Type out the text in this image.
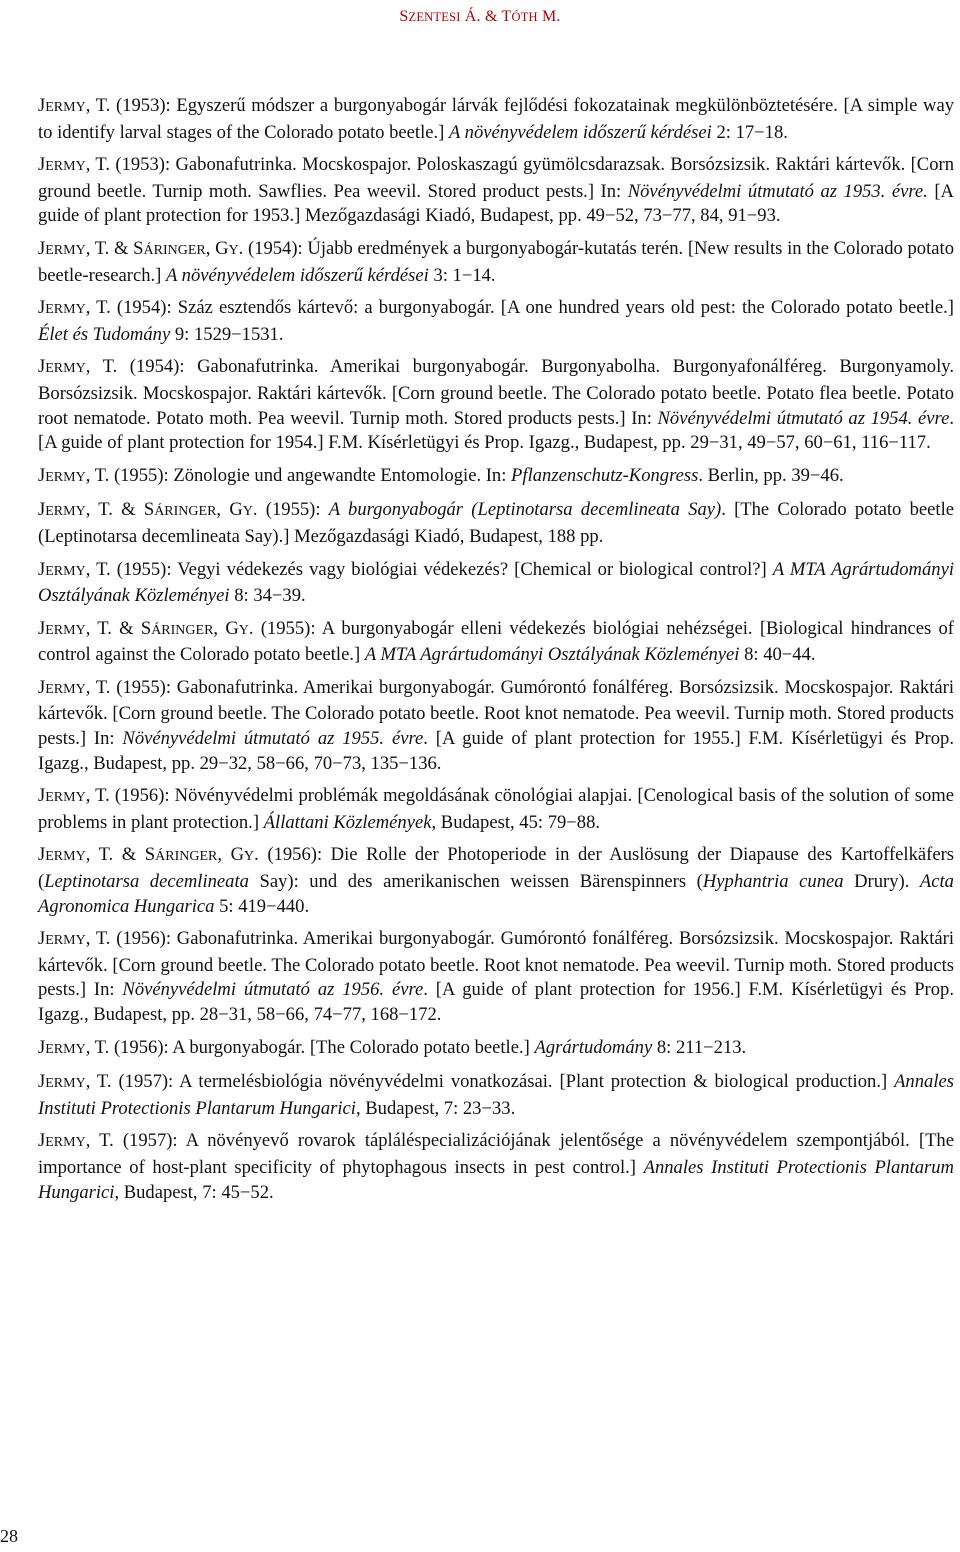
SZENTESI Á. & TÓTH M.

JERMY, T. (1953): Egyszerű módszer a burgonyabogár lárvák fejlődési fokozatainak megkülönböztetésére. [A simple way to identify larval stages of the Colorado potato beetle.] A növényvédelem időszerű kérdései 2: 17−18.

JERMY, T. (1953): Gabonafutrinka. Mocskospajor. Poloskaszagú gyümölcsdarazsak. Borsózsizsik. Raktári kártevők. [Corn ground beetle. Turnip moth. Sawflies. Pea weevil. Stored product pests.] In: Növényvédelmi útmutató az 1953. évre. [A guide of plant protection for 1953.] Mezőgazdasági Kiadó, Budapest, pp. 49−52, 73−77, 84, 91−93.

JERMY, T. & SÁRINGER, GY. (1954): Újabb eredmények a burgonyabogár-kutatás terén. [New results in the Colorado potato beetle-research.] A növényvédelem időszerű kérdései 3: 1−14.

JERMY, T. (1954): Száz esztendős kártevő: a burgonyabogár. [A one hundred years old pest: the Colorado potato beetle.] Élet és Tudomány 9: 1529−1531.

JERMY, T. (1954): Gabonafutrinka. Amerikai burgonyabogár. Burgonyabolha. Burgonyafonálféreg. Burgonyamoly. Borsózsizsik. Mocskospajor. Raktári kártevők. [Corn ground beetle. The Colorado potato beetle. Potato flea beetle. Potato root nematode. Potato moth. Pea weevil. Turnip moth. Stored products pests.] In: Növényvédelmi útmutató az 1954. évre. [A guide of plant protection for 1954.] F.M. Kísérletügyi és Prop. Igazg., Budapest, pp. 29−31, 49−57, 60−61, 116−117.

JERMY, T. (1955): Zönologie und angewandte Entomologie. In: Pflanzenschutz-Kongress. Berlin, pp. 39−46.

JERMY, T. & SÁRINGER, GY. (1955): A burgonyabogár (Leptinotarsa decemlineata Say). [The Colorado potato beetle (Leptinotarsa decemlineata Say).] Mezőgazdasági Kiadó, Budapest, 188 pp.

JERMY, T. (1955): Vegyi védekezés vagy biológiai védekezés? [Chemical or biological control?] A MTA Agrártudományi Osztályának Közleményei 8: 34−39.

JERMY, T. & SÁRINGER, GY. (1955): A burgonyabogár elleni védekezés biológiai nehézségei. [Biological hindrances of control against the Colorado potato beetle.] A MTA Agrártudományi Osztályának Közleményei 8: 40−44.

JERMY, T. (1955): Gabonafutrinka. Amerikai burgonyabogár. Gumórontó fonálféreg. Borsózsizsik. Mocskospajor. Raktári kártevők. [Corn ground beetle. The Colorado potato beetle. Root knot nematode. Pea weevil. Turnip moth. Stored products pests.] In: Növényvédelmi útmutató az 1955. évre. [A guide of plant protection for 1955.] F.M. Kísérletügyi és Prop. Igazg., Budapest, pp. 29−32, 58−66, 70−73, 135−136.

JERMY, T. (1956): Növényvédelmi problémák megoldásának cönológiai alapjai. [Cenological basis of the solution of some problems in plant protection.] Állattani Közlemények, Budapest, 45: 79−88.

JERMY, T. & SÁRINGER, GY. (1956): Die Rolle der Photoperiode in der Auslösung der Diapause des Kartoffelkäfers (Leptinotarsa decemlineata Say): und des amerikanischen weissen Bärenspinners (Hyphantria cunea Drury). Acta Agronomica Hungarica 5: 419−440.

JERMY, T. (1956): Gabonafutrinka. Amerikai burgonyabogár. Gumórontó fonálféreg. Borsózsizsik. Mocskospajor. Raktári kártevők. [Corn ground beetle. The Colorado potato beetle. Root knot nematode. Pea weevil. Turnip moth. Stored products pests.] In: Növényvédelmi útmutató az 1956. évre. [A guide of plant protection for 1956.] F.M. Kísérletügyi és Prop. Igazg., Budapest, pp. 28−31, 58−66, 74−77, 168−172.

JERMY, T. (1956): A burgonyabogár. [The Colorado potato beetle.] Agrártudomány 8: 211−213.

JERMY, T. (1957): A termelésbiológia növényvédelmi vonatkozásai. [Plant protection & biological production.] Annales Instituti Protectionis Plantarum Hungarici, Budapest, 7: 23−33.

JERMY, T. (1957): A növényevő rovarok tápláléspecializációjának jelentősége a növényvédelem szempontjából. [The importance of host-plant specificity of phytophagous insects in pest control.] Annales Instituti Protectionis Plantarum Hungarici, Budapest, 7: 45−52.

28
